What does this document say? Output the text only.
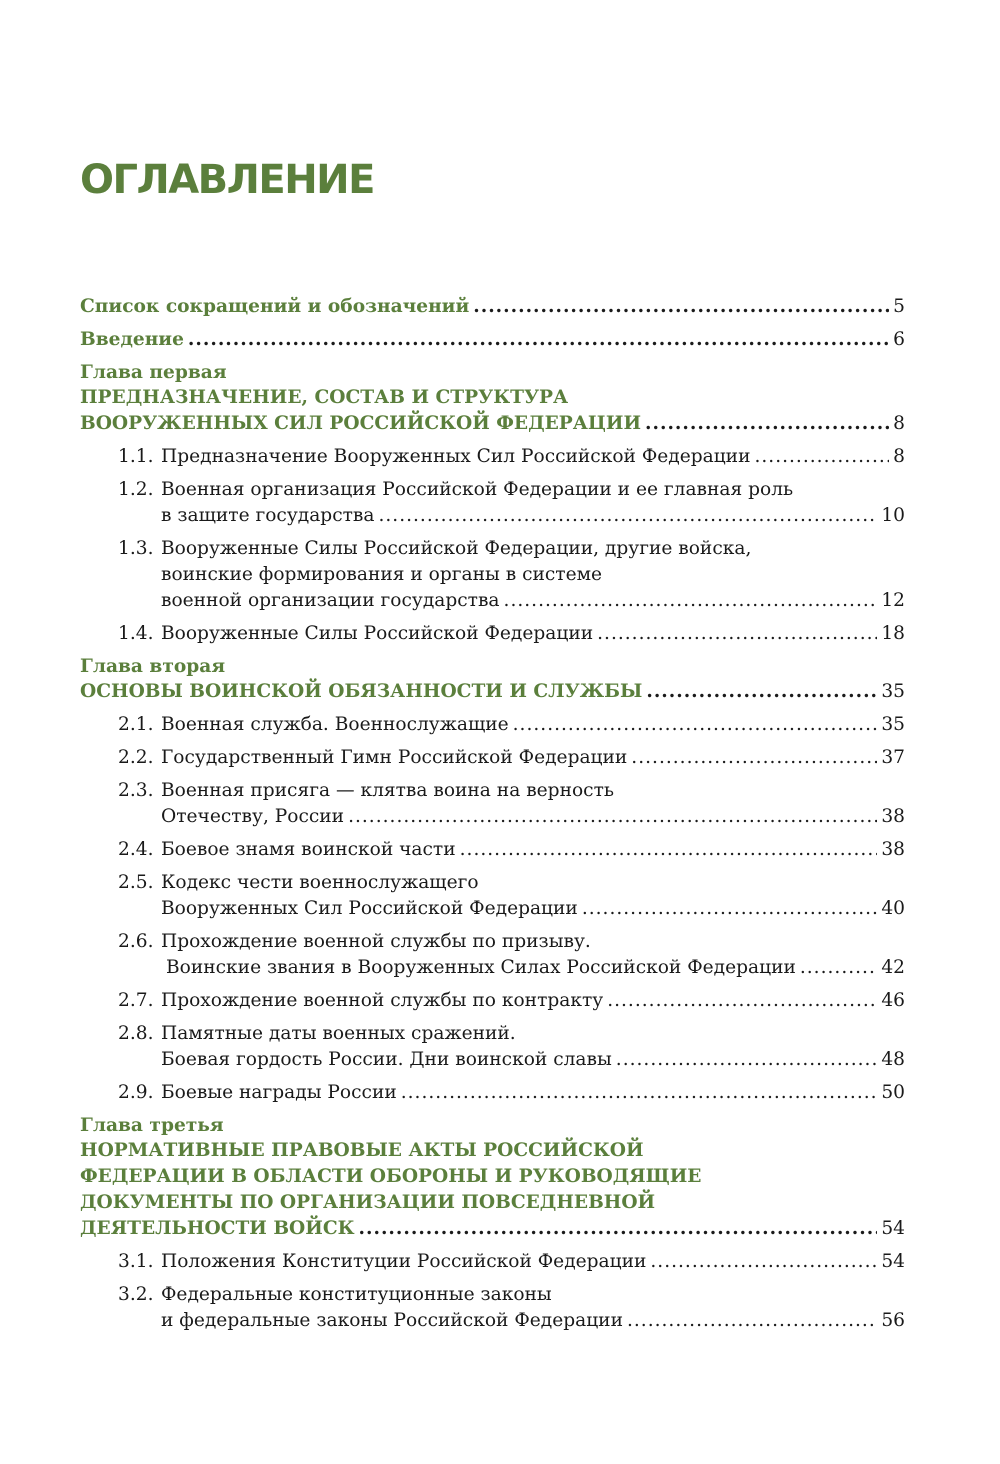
ОГЛАВЛЕНИЕ
Список сокращений и обозначений .....	5
Введение .....	6
Глава первая
ПРЕДНАЗНАЧЕНИЕ, СОСТАВ И СТРУКТУРА
ВООРУЖЕННЫХ СИЛ РОССИЙСКОЙ ФЕДЕРАЦИИ .....	8
1.1. Предназначение Вооруженных Сил Российской Федерации .....	8
1.2. Военная организация Российской Федерации и ее главная роль
в защите государства .....	10
1.3. Вооруженные Силы Российской Федерации, другие войска,
воинские формирования и органы в системе
военной организации государства .....	12
1.4. Вооруженные Силы Российской Федерации .....	18
Глава вторая
ОСНОВЫ ВОИНСКОЙ ОБЯЗАННОСТИ И СЛУЖБЫ .....	35
2.1. Военная служба. Военнослужащие .....	35
2.2. Государственный Гимн Российской Федерации .....	37
2.3. Военная присяга — клятва воина на верность
Отечеству, России .....	38
2.4. Боевое знамя воинской части .....	38
2.5. Кодекс чести военнослужащего
Вооруженных Сил Российской Федерации .....	40
2.6. Прохождение военной службы по призыву.
Воинские звания в Вооруженных Силах Российской Федерации .....	42
2.7. Прохождение военной службы по контракту .....	46
2.8. Памятные даты военных сражений.
Боевая гордость России. Дни воинской славы .....	48
2.9. Боевые награды России .....	50
Глава третья
НОРМАТИВНЫЕ ПРАВОВЫЕ АКТЫ РОССИЙСКОЙ
ФЕДЕРАЦИИ В ОБЛАСТИ ОБОРОНЫ И РУКОВОДЯЩИЕ
ДОКУМЕНТЫ ПО ОРГАНИЗАЦИИ ПОВСЕДНЕВНОЙ
ДЕЯТЕЛЬНОСТИ ВОЙСК .....	54
3.1. Положения Конституции Российской Федерации .....	54
3.2. Федеральные конституционные законы
и федеральные законы Российской Федерации .....	56
